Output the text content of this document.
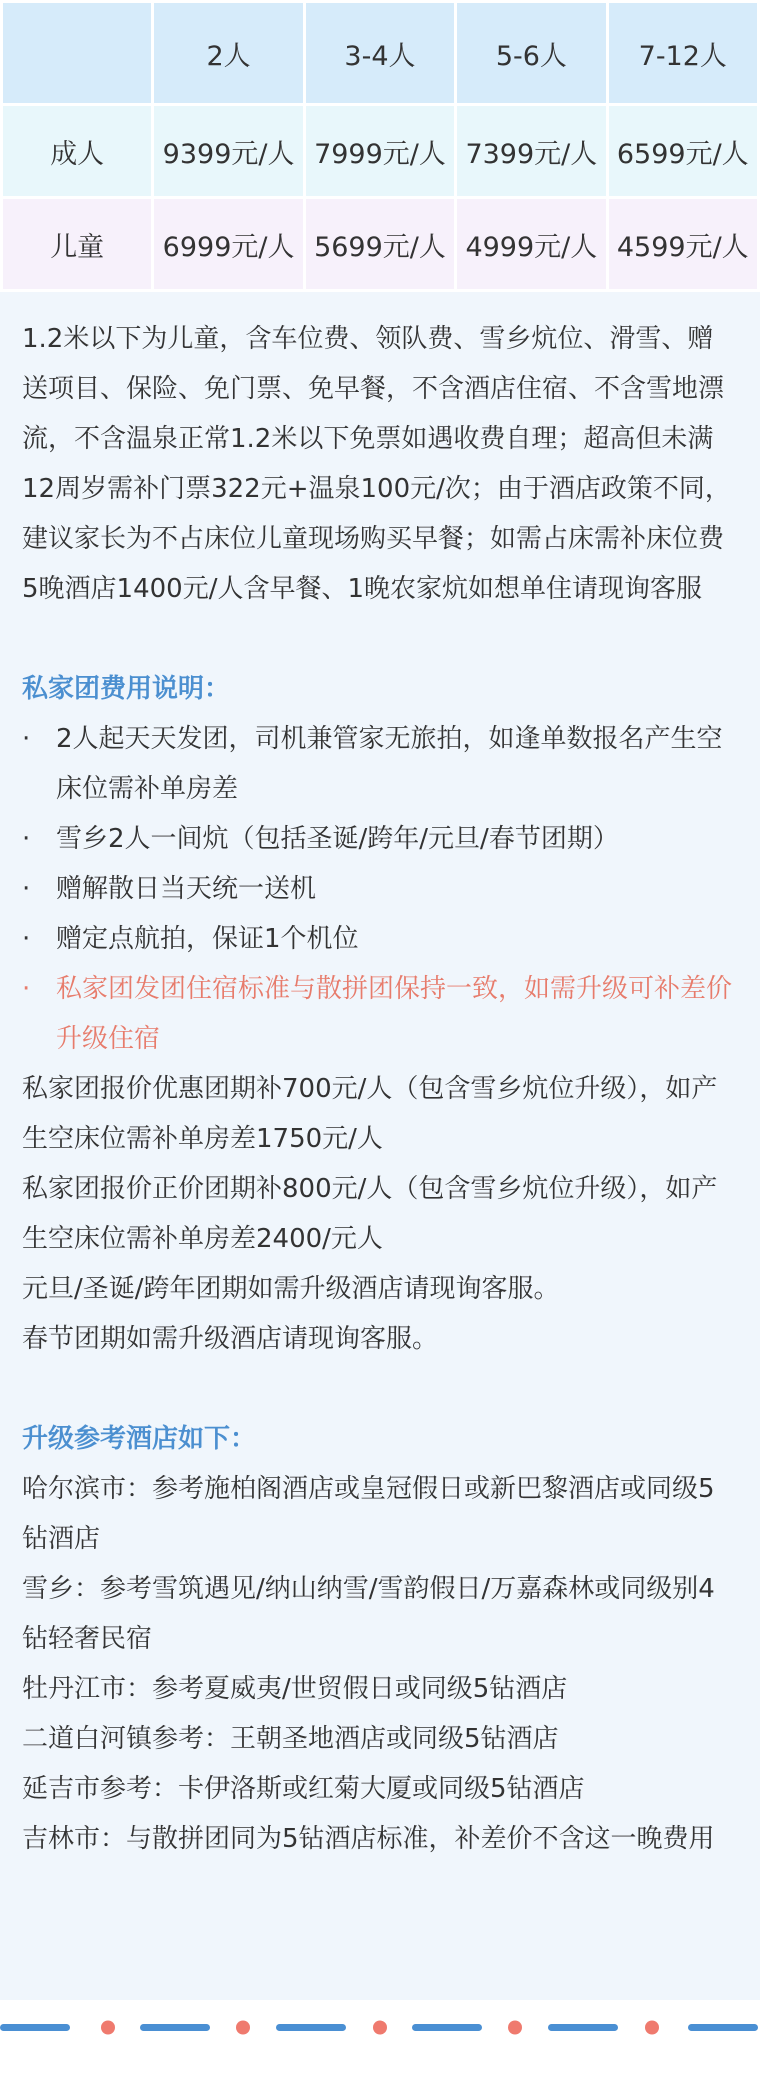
	2人	3-4人	5-6人	7-12人
成人	9399元/人	7999元/人	7399元/人	6599元/人
儿童	6999元/人	5699元/人	4999元/人	4599元/人

1.2米以下为儿童，含车位费、领队费、雪乡炕位、滑雪、赠送项目、保险、免门票、免早餐，不含酒店住宿、不含雪地漂流，不含温泉正常1.2米以下免票如遇收费自理；超高但未满12周岁需补门票322元+温泉100元/次；由于酒店政策不同，建议家长为不占床位儿童现场购买早餐；如需占床需补床位费5晚酒店1400元/人含早餐、1晚农家炕如想单住请现询客服

私家团费用说明：

· 2人起天天发团，司机兼管家无旅拍，如逢单数报名产生空床位需补单房差
· 雪乡2人一间炕（包括圣诞/跨年/元旦/春节团期）
· 赠解散日当天统一送机
· 赠定点航拍，保证1个机位
· 私家团发团住宿标准与散拼团保持一致，如需升级可补差价升级住宿

私家团报价优惠团期补700元/人（包含雪乡炕位升级），如产生空床位需补单房差1750元/人

私家团报价正价团期补800元/人（包含雪乡炕位升级），如产生空床位需补单房差2400/元人

元旦/圣诞/跨年团期如需升级酒店请现询客服。

春节团期如需升级酒店请现询客服。

升级参考酒店如下：

哈尔滨市：参考施柏阁酒店或皇冠假日或新巴黎酒店或同级5钻酒店

雪乡：参考雪筑遇见/纳山纳雪/雪韵假日/万嘉森林或同级别4钻轻奢民宿

牡丹江市：参考夏威夷/世贸假日或同级5钻酒店

二道白河镇参考：王朝圣地酒店或同级5钻酒店

延吉市参考：卡伊洛斯或红菊大厦或同级5钻酒店

吉林市：与散拼团同为5钻酒店标准，补差价不含这一晚费用
